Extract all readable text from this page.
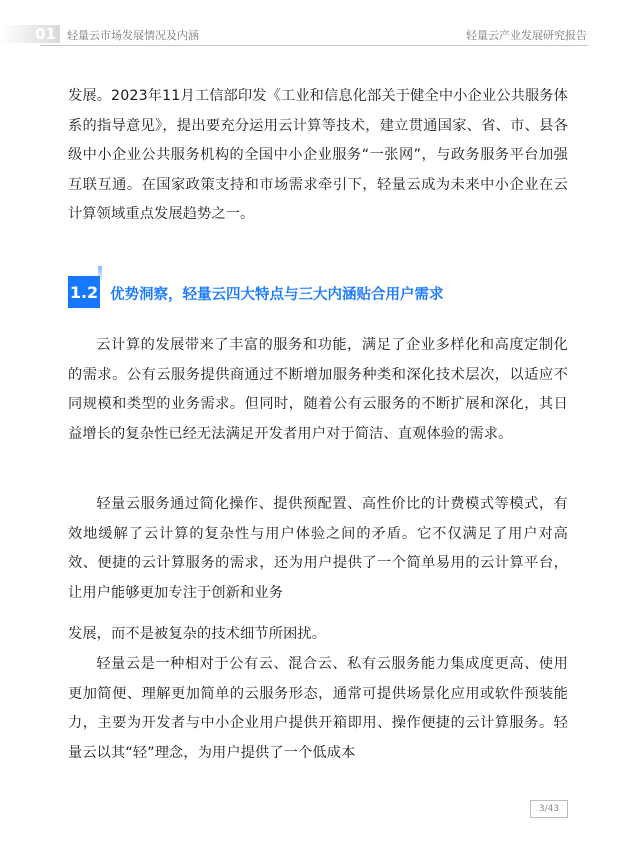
01	轻量云市场发展情况及内涵	轻量云产业发展研究报告

发展。2023年11月工信部印发《工业和信息化部关于健全中小企业公共服务体系的指导意见》，提出要充分运用云计算等技术，建立贯通国家、省、市、县各级中小企业公共服务机构的全国中小企业服务“一张网”，与政务服务平台加强互联互通。在国家政策支持和市场需求牵引下，轻量云成为未来中小企业在云计算领域重点发展趋势之一。

1.2 优势洞察，轻量云四大特点与三大内涵贴合用户需求

云计算的发展带来了丰富的服务和功能，满足了企业多样化和高度定制化的需求。公有云服务提供商通过不断增加服务种类和深化技术层次，以适应不同规模和类型的业务需求。但同时，随着公有云服务的不断扩展和深化，其日益增长的复杂性已经无法满足开发者用户对于简洁、直观体验的需求。

轻量云服务通过简化操作、提供预配置、高性价比的计费模式等模式，有效地缓解了云计算的复杂性与用户体验之间的矛盾。它不仅满足了用户对高效、便捷的云计算服务的需求，还为用户提供了一个简单易用的云计算平台，让用户能够更加专注于创新和业务

发展，而不是被复杂的技术细节所困扰。

轻量云是一种相对于公有云、混合云、私有云服务能力集成度更高、使用更加简便、理解更加简单的云服务形态，通常可提供场景化应用或软件预装能力，主要为开发者与中小企业用户提供开箱即用、操作便捷的云计算服务。轻量云以其“轻”理念，为用户提供了一个低成本

3/43
